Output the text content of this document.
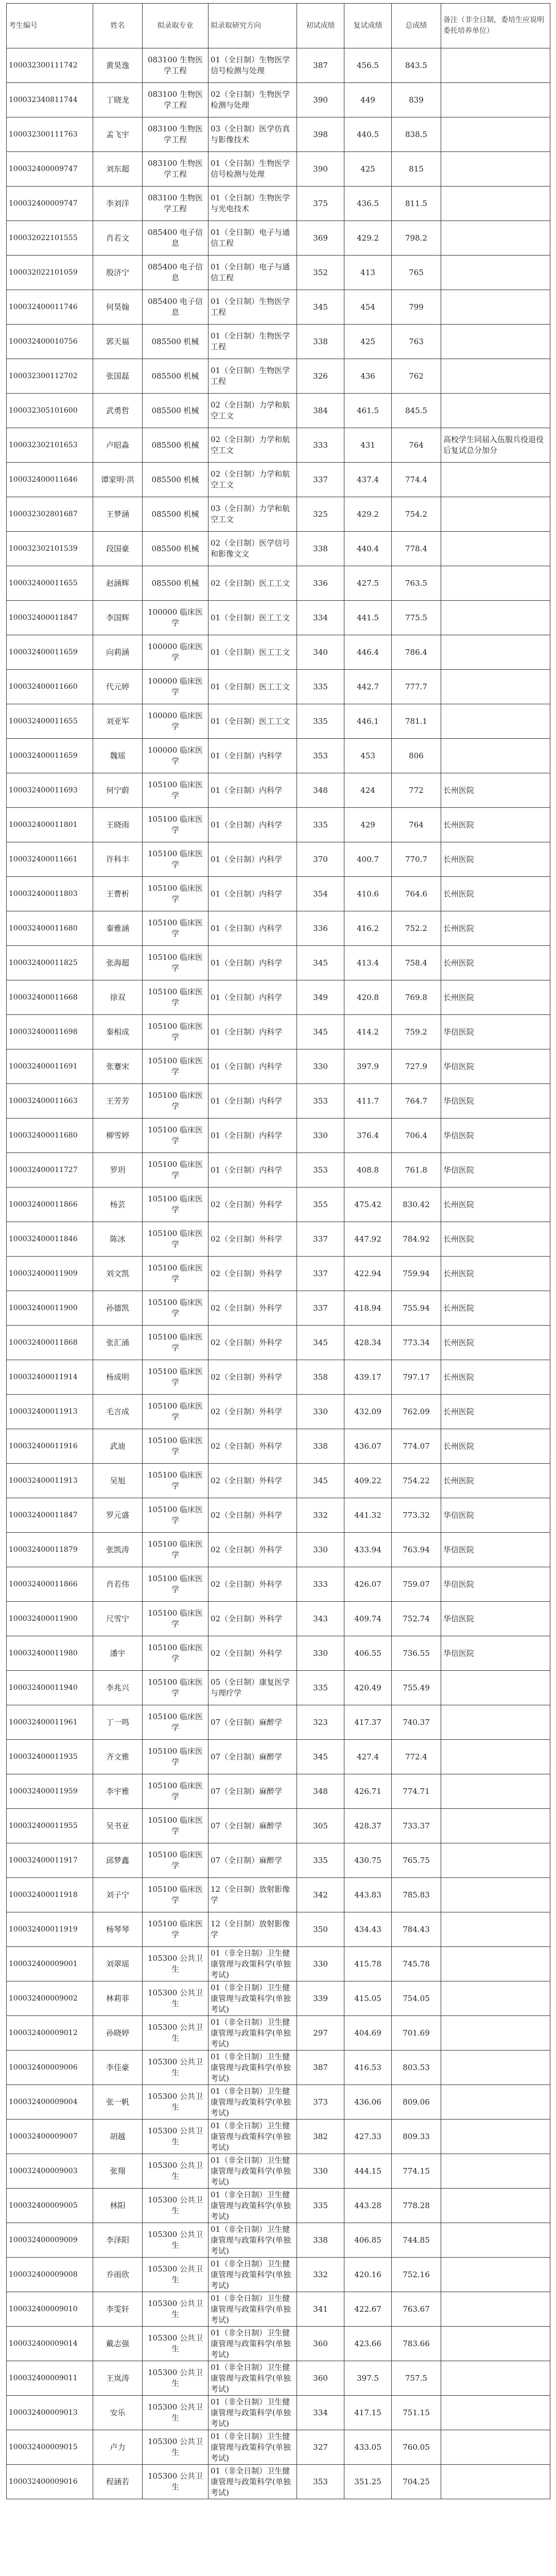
考生编号	姓名	拟录取专业	拟录取研究方向	初试成绩	复试成绩	总成绩	备注（非全日制，委培生应说明委托培养单位）
100032300111742	黄昊逸	083100 生物医学工程	01（全日制）生物医学信号检测与处理	387	456.5	843.5	
100032340811744	丁晓龙	083100 生物医学工程	02（全日制）生物医学检测与处理	390	449	839	
100032300111763	孟飞宇	083100 生物医学工程	03（全日制）医学仿真与影像技术	398	440.5	838.5	
100032400009747	刘东超	083100 生物医学工程	01（全日制）生物医学信号检测与处理	390	425	815	
100032400009747	李刘洋	083100 生物医学工程	01（全日制）生物医学与光电技术	375	436.5	811.5	
100032022101555	肖若文	085400 电子信息	01（全日制）电子与通信工程	369	429.2	798.2	
100032022101059	殷济宁	085400 电子信息	01（全日制）电子与通信工程	352	413	765	
100032400011746	何昊翰	085400 电子信息	01（全日制）生物医学工程	345	454	799	
100032400010756	郭天福	085500 机械	01（全日制）生物医学工程	338	425	763	
100032300112702	张国磊	085500 机械	01（全日制）生物医学工程	326	436	762	
100032305101600	武勇哲	085500 机械	02（全日制）力学和航空工文	384	461.5	845.5	
100032302101653	卢昭淼	085500 机械	02（全日制）力学和航空工文	333	431	764	高校学生同届入伍服兵役退役后复试总分加分
100032400011646	谭家明·洪	085500 机械	02（全日制）力学和航空工文	337	437.4	774.4	
100032302801687	王梦涵	085500 机械	03（全日制）力学和航空工文	325	429.2	754.2	
100032302101539	段国豪	085500 机械	02（全日制）医学信号和影像文文	338	440.4	778.4	
100032400011655	赵涵辉	085500 机械	02（全日制）医工工文	336	427.5	763.5	
100032400011847	李国辉	100000 临床医学	01（全日制）医工工文	334	441.5	775.5	
100032400011659	向莉涵	100000 临床医学	01（全日制）医工工文	340	446.4	786.4	
100032400011660	代元婷	100000 临床医学	01（全日制）医工工文	335	442.7	777.7	
100032400011655	刘亚军	100000 临床医学	01（全日制）医工工文	335	446.1	781.1	
100032400011659	魏瑶	100000 临床医学	01（全日制）内科学	353	453	806	
100032400011693	何宁蔚	105100 临床医学	01（全日制）内科学	348	424	772	长州医院
100032400011801	王晓雨	105100 临床医学	01（全日制）内科学	335	429	764	长州医院
100032400011661	许科丰	105100 临床医学	01（全日制）内科学	370	400.7	770.7	长州医院
100032400011803	王曹析	105100 临床医学	01（全日制）内科学	354	410.6	764.6	长州医院
100032400011680	秦雅涵	105100 临床医学	01（全日制）内科学	336	416.2	752.2	长州医院
100032400011825	张海超	105100 临床医学	01（全日制）内科学	345	413.4	758.4	长州医院
100032400011668	徐双	105100 临床医学	01（全日制）内科学	349	420.8	769.8	长州医院
100032400011698	秦相成	105100 临床医学	01（全日制）内科学	345	414.2	759.2	华信医院
100032400011691	张蹇宋	105100 临床医学	01（全日制）内科学	330	397.9	727.9	华信医院
100032400011663	王芳芳	105100 临床医学	01（全日制）内科学	353	411.7	764.7	华信医院
100032400011680	柳雪婷	105100 临床医学	01（全日制）内科学	330	376.4	706.4	华信医院
100032400011727	罗玥	105100 临床医学	01（全日制）内科学	353	408.8	761.8	华信医院
100032400011866	杨芸	105100 临床医学	02（全日制）外科学	355	475.42	830.42	长州医院
100032400011846	陈冰	105100 临床医学	02（全日制）外科学	337	447.92	784.92	长州医院
100032400011909	刘文凯	105100 临床医学	02（全日制）外科学	337	422.94	759.94	长州医院
100032400011900	孙德凯	105100 临床医学	02（全日制）外科学	337	418.94	755.94	长州医院
100032400011868	张汇涌	105100 临床医学	02（全日制）外科学	345	428.34	773.34	长州医院
100032400011914	杨成明	105100 临床医学	02（全日制）外科学	358	439.17	797.17	长州医院
100032400011913	毛言成	105100 临床医学	02（全日制）外科学	330	432.09	762.09	长州医院
100032400011916	武迪	105100 临床医学	02（全日制）外科学	338	436.07	774.07	长州医院
100032400011913	吴旭	105100 临床医学	02（全日制）外科学	345	409.22	754.22	长州医院
100032400011847	罗元盛	105100 临床医学	02（全日制）外科学	332	441.32	773.32	华信医院
100032400011879	张凯涛	105100 临床医学	02（全日制）外科学	330	433.94	763.94	华信医院
100032400011866	肖若伟	105100 临床医学	02（全日制）外科学	333	426.07	759.07	华信医院
100032400011900	尺雪宁	105100 临床医学	02（全日制）外科学	343	409.74	752.74	华信医院
100032400011980	潘宇	105100 临床医学	02（全日制）外科学	330	406.55	736.55	华信医院
100032400011940	李兆兴	105100 临床医学	05（全日制）康复医学与理疗学	335	420.49	755.49	
100032400011961	丁一鸣	105100 临床医学	07（全日制）麻醉学	323	417.37	740.37	
100032400011935	齐文雅	105100 临床医学	07（全日制）麻醉学	345	427.4	772.4	
100032400011959	李宇雅	105100 临床医学	07（全日制）麻醉学	348	426.71	774.71	
100032400011955	吴书亚	105100 临床医学	07（全日制）麻醉学	305	428.37	733.37	
100032400011917	邱梦鑫	105100 临床医学	07（全日制）麻醉学	335	430.75	765.75	
100032400011918	刘子宁	105100 临床医学	12（全日制）放射影像学	342	443.83	785.83	
100032400011919	杨琴琴	105100 临床医学	12（全日制）放射影像学	350	434.43	784.43	
100032400009001	刘翠瑶	105300 公共卫生	01（非全日制）卫生健康管理与政策科学(单独考试)	330	415.78	745.78	
100032400009002	林莉菲	105300 公共卫生	01（非全日制）卫生健康管理与政策科学(单独考试)	339	415.05	754.05	
100032400009012	孙晓婷	105300 公共卫生	01（非全日制）卫生健康管理与政策科学(单独考试)	297	404.69	701.69	
100032400009006	李佳豪	105300 公共卫生	01（非全日制）卫生健康管理与政策科学(单独考试)	387	416.53	803.53	
100032400009004	张一帆	105300 公共卫生	01（非全日制）卫生健康管理与政策科学(单独考试)	373	436.06	809.06	
100032400009007	胡越	105300 公共卫生	01（非全日制）卫生健康管理与政策科学(单独考试)	382	427.33	809.33	
100032400009003	张翔	105300 公共卫生	01（非全日制）卫生健康管理与政策科学(单独考试)	330	444.15	774.15	
100032400009005	林阳	105300 公共卫生	01（非全日制）卫生健康管理与政策科学(单独考试)	335	443.28	778.28	
100032400009009	李泽阳	105300 公共卫生	01（非全日制）卫生健康管理与政策科学(单独考试)	338	406.85	744.85	
100032400009008	乔雨欣	105300 公共卫生	01（非全日制）卫生健康管理与政策科学(单独考试)	332	420.16	752.16	
100032400009010	李雯轩	105300 公共卫生	01（非全日制）卫生健康管理与政策科学(单独考试)	341	422.67	763.67	
100032400009014	戴志强	105300 公共卫生	01（非全日制）卫生健康管理与政策科学(单独考试)	360	423.66	783.66	
100032400009011	王岚涛	105300 公共卫生	01（非全日制）卫生健康管理与政策科学(单独考试)	360	397.5	757.5	
100032400009013	安乐	105300 公共卫生	01（非全日制）卫生健康管理与政策科学(单独考试)	334	417.15	751.15	
100032400009015	卢力	105300 公共卫生	01（非全日制）卫生健康管理与政策科学(单独考试)	327	433.05	760.05	
100032400009016	程涵若	105300 公共卫生	01（非全日制）卫生健康管理与政策科学(单独考试)	353	351.25	704.25	
